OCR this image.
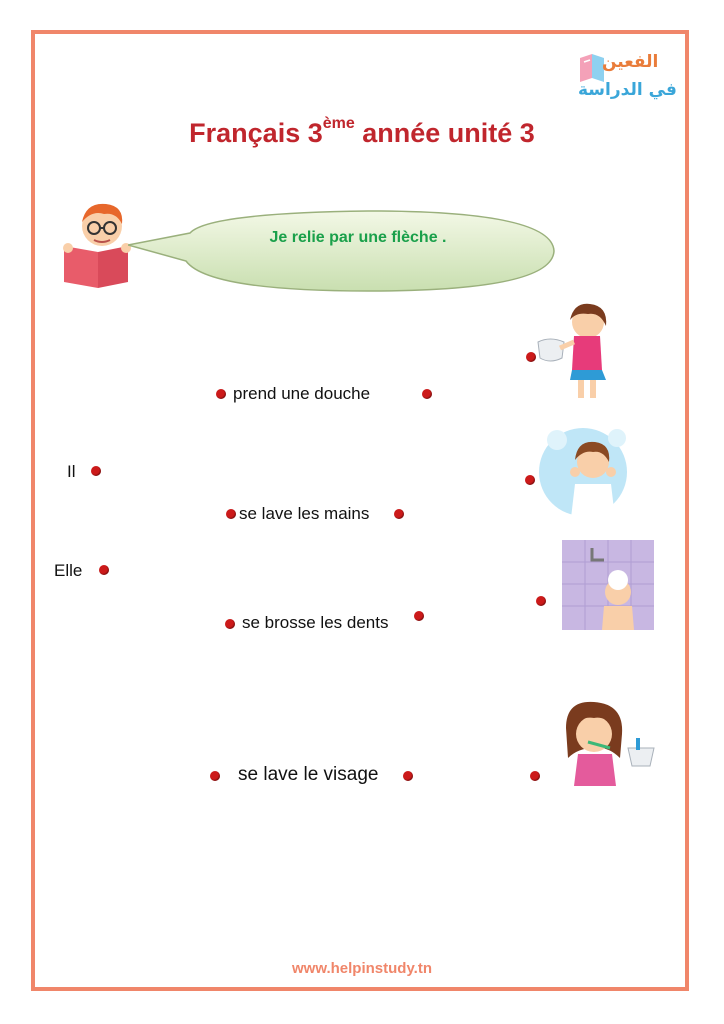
الفعين
في الدراسة
Français 3ème année unité 3
Je relie par une flèche .
Il
Elle
prend une douche
se lave les mains
se brosse les dents
se lave le visage
www.helpinstudy.tn
